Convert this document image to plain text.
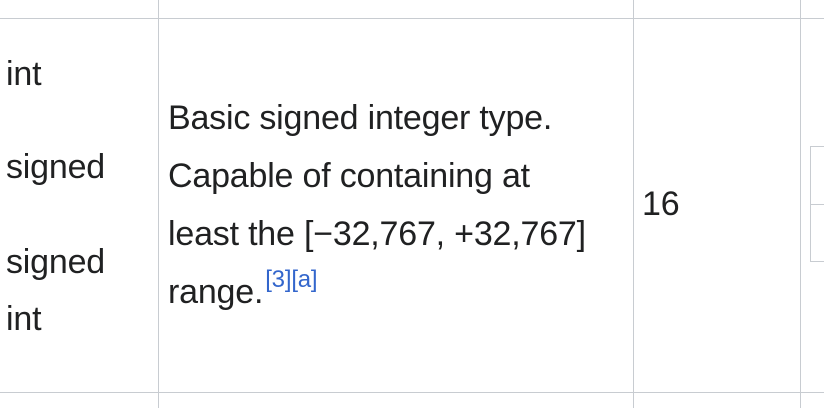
int
signed
signed
int
Basic signed integer type.
Capable of containing at
least the [−32,767, +32,767]
range.[3][a]
16
